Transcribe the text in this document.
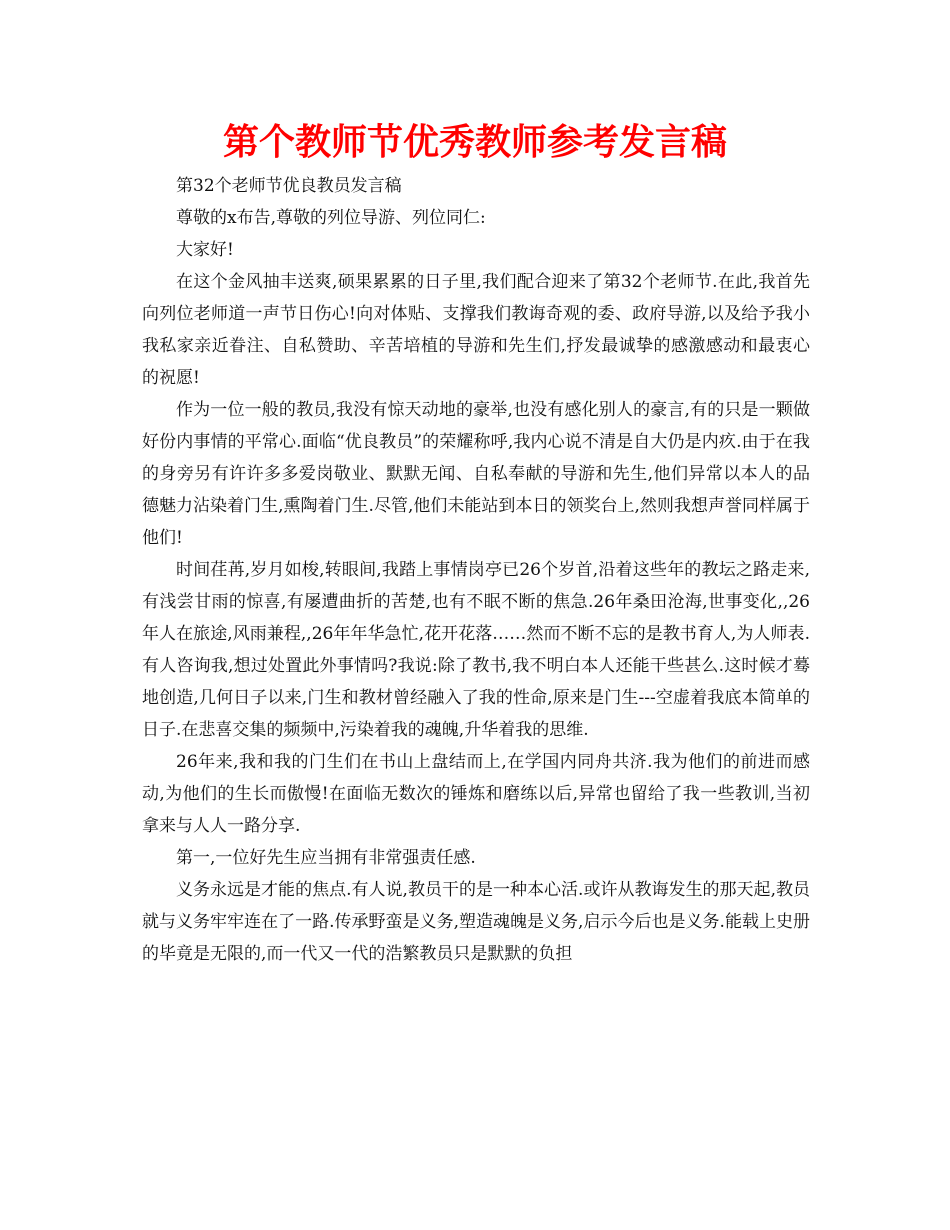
第个教师节优秀教师参考发言稿

第32个老师节优良教员发言稿

尊敬的x布告,尊敬的列位导游、列位同仁:

大家好!

在这个金风抽丰送爽,硕果累累的日子里,我们配合迎来了第32个老师节.在此,我首先向列位老师道一声节日伤心!向对体贴、支撑我们教诲奇观的委、政府导游,以及给予我小我私家亲近眷注、自私赞助、辛苦培植的导游和先生们,抒发最诚挚的感激感动和最衷心的祝愿!

作为一位一般的教员,我没有惊天动地的豪举,也没有感化别人的豪言,有的只是一颗做好份内事情的平常心.面临“优良教员”的荣耀称呼,我内心说不清是自大仍是内疚.由于在我的身旁另有许许多多爱岗敬业、默默无闻、自私奉献的导游和先生,他们异常以本人的品德魅力沾染着门生,熏陶着门生.尽管,他们未能站到本日的领奖台上,然则我想声誉同样属于他们!

时间荏苒,岁月如梭,转眼间,我踏上事情岗亭已26个岁首,沿着这些年的教坛之路走来,有浅尝甘雨的惊喜,有屡遭曲折的苦楚,也有不眠不断的焦急.26年桑田沧海,世事变化,,26年人在旅途,风雨兼程,,26年年华急忙,花开花落……然而不断不忘的是教书育人,为人师表.有人咨询我,想过处置此外事情吗?我说:除了教书,我不明白本人还能干些甚么.这时候才蓦地创造,几何日子以来,门生和教材曾经融入了我的性命,原来是门生---空虚着我底本简单的日子.在悲喜交集的频频中,污染着我的魂魄,升华着我的思维.

26年来,我和我的门生们在书山上盘结而上,在学国内同舟共济.我为他们的前进而感动,为他们的生长而傲慢!在面临无数次的锤炼和磨练以后,异常也留给了我一些教训,当初拿来与人人一路分享.

第一,一位好先生应当拥有非常强责任感.

义务永远是才能的焦点.有人说,教员干的是一种本心活.或许从教诲发生的那天起,教员就与义务牢牢连在了一路.传承野蛮是义务,塑造魂魄是义务,启示今后也是义务.能载上史册的毕竟是无限的,而一代又一代的浩繁教员只是默默的负担
